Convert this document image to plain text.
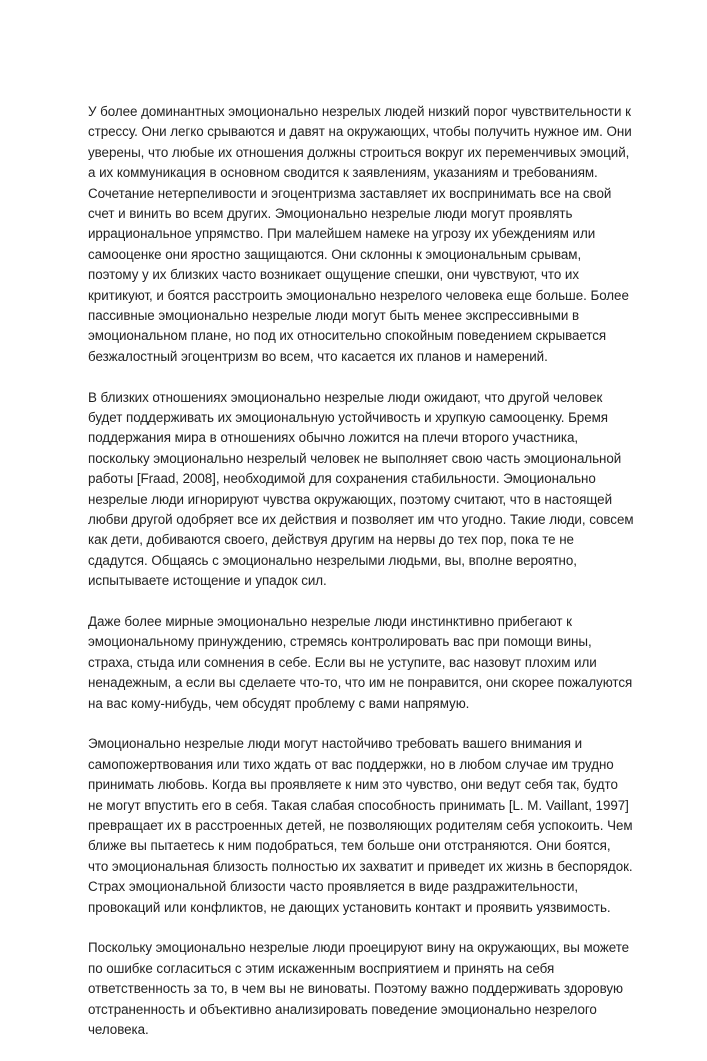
У более доминантных эмоционально незрелых людей низкий порог чувствительности к
стрессу. Они легко срываются и давят на окружающих, чтобы получить нужное им. Они
уверены, что любые их отношения должны строиться вокруг их переменчивых эмоций,
а их коммуникация в основном сводится к заявлениям, указаниям и требованиям.
Сочетание нетерпеливости и эгоцентризма заставляет их воспринимать все на свой
счет и винить во всем других. Эмоционально незрелые люди могут проявлять
иррациональное упрямство. При малейшем намеке на угрозу их убеждениям или
самооценке они яростно защищаются. Они склонны к эмоциональным срывам,
поэтому у их близких часто возникает ощущение спешки, они чувствуют, что их
критикуют, и боятся расстроить эмоционально незрелого человека еще больше. Более
пассивные эмоционально незрелые люди могут быть менее экспрессивными в
эмоциональном плане, но под их относительно спокойным поведением скрывается
безжалостный эгоцентризм во всем, что касается их планов и намерений.
В близких отношениях эмоционально незрелые люди ожидают, что другой человек
будет поддерживать их эмоциональную устойчивость и хрупкую самооценку. Бремя
поддержания мира в отношениях обычно ложится на плечи второго участника,
поскольку эмоционально незрелый человек не выполняет свою часть эмоциональной
работы [Fraad, 2008], необходимой для сохранения стабильности. Эмоционально
незрелые люди игнорируют чувства окружающих, поэтому считают, что в настоящей
любви другой одобряет все их действия и позволяет им что угодно. Такие люди, совсем
как дети, добиваются своего, действуя другим на нервы до тех пор, пока те не
сдадутся. Общаясь с эмоционально незрелыми людьми, вы, вполне вероятно,
испытываете истощение и упадок сил.
Даже более мирные эмоционально незрелые люди инстинктивно прибегают к
эмоциональному принуждению, стремясь контролировать вас при помощи вины,
страха, стыда или сомнения в себе. Если вы не уступите, вас назовут плохим или
ненадежным, а если вы сделаете что-то, что им не понравится, они скорее пожалуются
на вас кому-нибудь, чем обсудят проблему с вами напрямую.
Эмоционально незрелые люди могут настойчиво требовать вашего внимания и
самопожертвования или тихо ждать от вас поддержки, но в любом случае им трудно
принимать любовь. Когда вы проявляете к ним это чувство, они ведут себя так, будто
не могут впустить его в себя. Такая слабая способность принимать [L. M. Vaillant, 1997]
превращает их в расстроенных детей, не позволяющих родителям себя успокоить. Чем
ближе вы пытаетесь к ним подобраться, тем больше они отстраняются. Они боятся,
что эмоциональная близость полностью их захватит и приведет их жизнь в беспорядок.
Страх эмоциональной близости часто проявляется в виде раздражительности,
провокаций или конфликтов, не дающих установить контакт и проявить уязвимость.
Поскольку эмоционально незрелые люди проецируют вину на окружающих, вы можете
по ошибке согласиться с этим искаженным восприятием и принять на себя
ответственность за то, в чем вы не виноваты. Поэтому важно поддерживать здоровую
отстраненность и объективно анализировать поведение эмоционально незрелого
человека.
